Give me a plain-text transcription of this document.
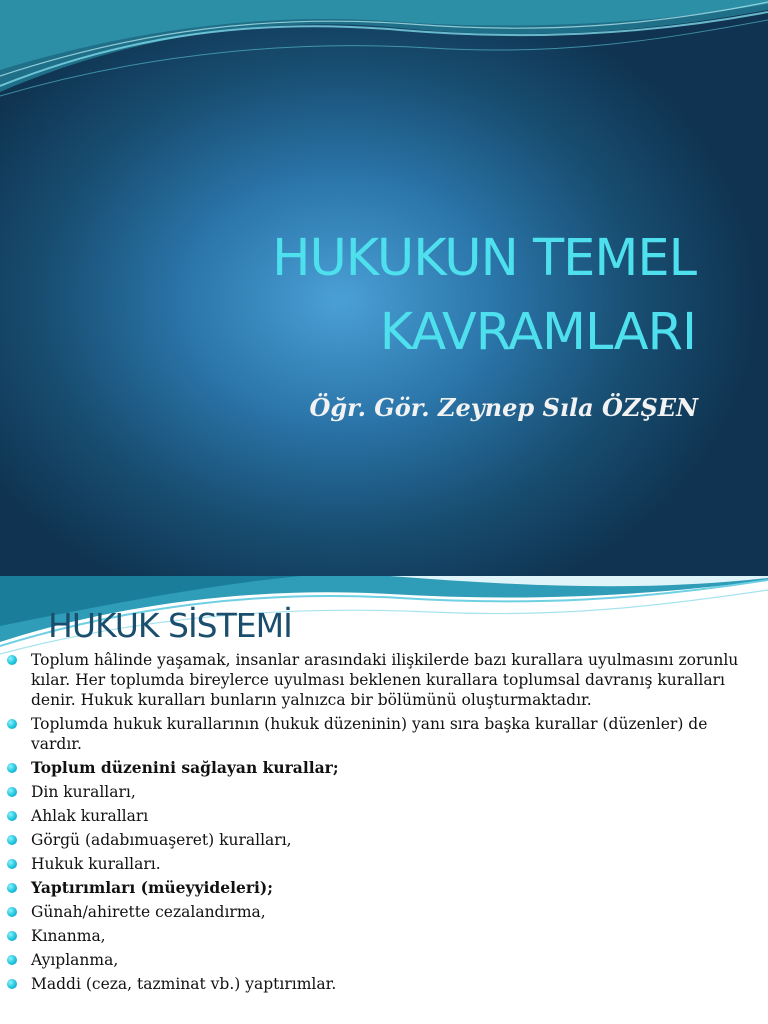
HUKUKUN TEMEL
KAVRAMLARI

Öğr. Gör. Zeynep Sıla ÖZŞEN

HUKUK SİSTEMİ
Toplum hâlinde yaşamak, insanlar arasındaki ilişkilerde bazı kurallara uyulmasını zorunlu kılar. Her toplumda bireylerce uyulması beklenen kurallara toplumsal davranış kuralları denir. Hukuk kuralları bunların yalnızca bir bölümünü oluşturmaktadır.
Toplumda hukuk kurallarının (hukuk düzeninin) yanı sıra başka kurallar (düzenler) de vardır.
Toplum düzenini sağlayan kurallar;
Din kuralları,
Ahlak kuralları
Görgü (adabımuaşeret) kuralları,
Hukuk kuralları.
Yaptırımları (müeyyideleri);
Günah/ahirette cezalandırma,
Kınanma,
Ayıplanma,
Maddi (ceza, tazminat vb.) yaptırımlar.
